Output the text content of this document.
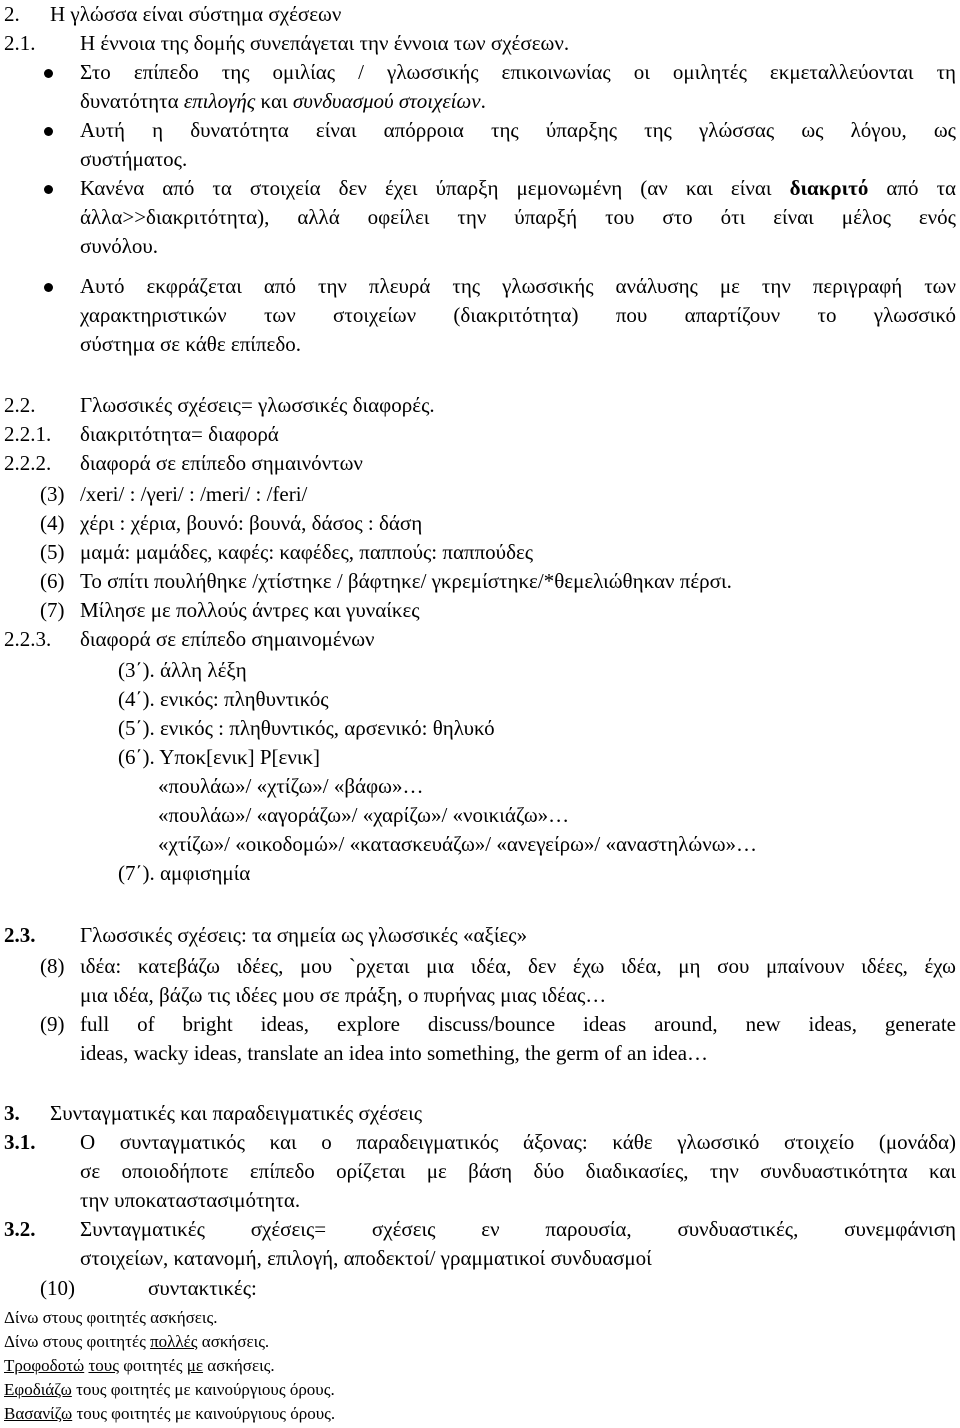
2. Η γλώσσα είναι σύστημα σχέσεων
2.1. Η έννοια της δομής συνεπάγεται την έννοια των σχέσεων.
Στο επίπεδο της ομιλίας / γλωσσικής επικοινωνίας οι ομιλητές εκμεταλλεύονται τη
δυνατότητα επιλογής και συνδυασμού στοιχείων.
Αυτή η δυνατότητα είναι απόρροια της ύπαρξης της γλώσσας ως λόγου, ως
συστήματος.
Κανένα από τα στοιχεία δεν έχει ύπαρξη μεμονωμένη (αν και είναι διακριτό από τα
άλλα>>διακριτότητα), αλλά οφείλει την ύπαρξή του στο ότι είναι μέλος ενός
συνόλου.
Αυτό εκφράζεται από την πλευρά της γλωσσικής ανάλυσης με την περιγραφή των
χαρακτηριστικών των στοιχείων (διακριτότητα) που απαρτίζουν το γλωσσικό
σύστημα σε κάθε επίπεδο.
2.2. Γλωσσικές σχέσεις= γλωσσικές διαφορές.
2.2.1. διακριτότητα= διαφορά
2.2.2. διαφορά σε επίπεδο σημαινόντων
(3) /xeri/ : /γeri/ : /meri/ : /feri/
(4) χέρι : χέρια, βουνό: βουνά, δάσος : δάση
(5) μαμά: μαμάδες, καφές: καφέδες, παππούς: παππούδες
(6) Το σπίτι πουλήθηκε /χτίστηκε / βάφτηκε/ γκρεμίστηκε/*θεμελιώθηκαν πέρσι.
(7) Μίλησε με πολλούς άντρες και γυναίκες
2.2.3. διαφορά σε επίπεδο σημαινομένων
(3΄). άλλη λέξη
(4΄). ενικός: πληθυντικός
(5΄). ενικός : πληθυντικός, αρσενικό: θηλυκό
(6΄). Υποκ[ενικ] Ρ[ενικ]
«πουλάω»/ «χτίζω»/ «βάφω»…
«πουλάω»/ «αγοράζω»/ «χαρίζω»/ «νοικιάζω»…
«χτίζω»/ «οικοδομώ»/ «κατασκευάζω»/ «ανεγείρω»/ «αναστηλώνω»…
(7΄). αμφισημία
2.3. Γλωσσικές σχέσεις: τα σημεία ως γλωσσικές «αξίες»
(8) ιδέα: κατεβάζω ιδέες, μου `ρχεται μια ιδέα, δεν έχω ιδέα, μη σου μπαίνουν ιδέες, έχω
μια ιδέα, βάζω τις ιδέες μου σε πράξη, ο πυρήνας μιας ιδέας…
(9) full of bright ideas, explore discuss/bounce ideas around, new ideas, generate
ideas, wacky ideas, translate an idea into something, the germ of an idea…
3. Συνταγματικές και παραδειγματικές σχέσεις
3.1. Ο συνταγματικός και ο παραδειγματικός άξονας: κάθε γλωσσικό στοιχείο (μονάδα)
σε οποιοδήποτε επίπεδο ορίζεται με βάση δύο διαδικασίες, την συνδυαστικότητα και
την υποκαταστασιμότητα.
3.2. Συνταγματικές σχέσεις= σχέσεις εν παρουσία, συνδυαστικές, συνεμφάνιση
στοιχείων, κατανομή, επιλογή, αποδεκτοί/ γραμματικοί συνδυασμοί
(10)	συντακτικές:
Δίνω στους φοιτητές ασκήσεις.
Δίνω στους φοιτητές πολλές ασκήσεις.
Τροφοδοτώ τους φοιτητές με ασκήσεις.
Εφοδιάζω τους φοιτητές με καινούργιους όρους.
Βασανίζω τους φοιτητές με καινούργιους όρους.
